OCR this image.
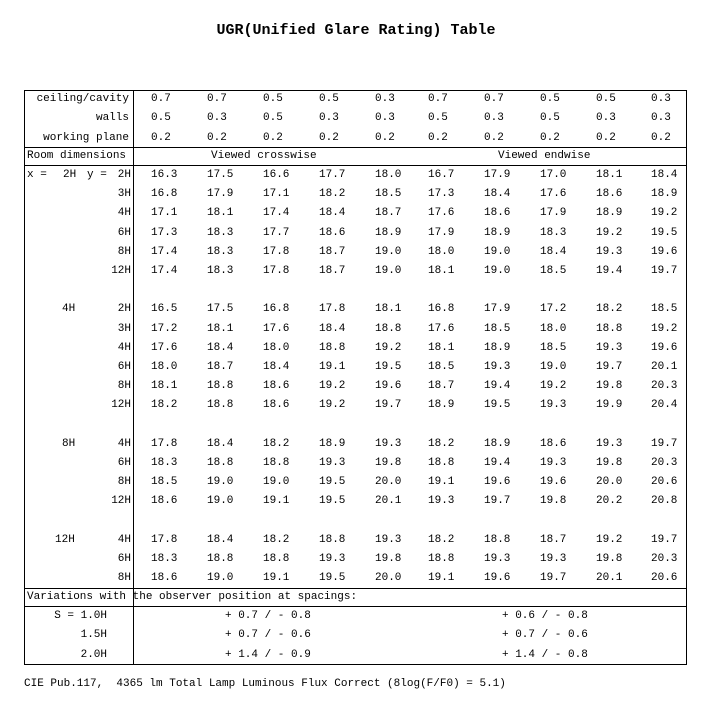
UGR(Unified Glare Rating) Table
Room dimensions	Viewed crosswise	Viewed endwise
Variations with the observer position at spacings:
ceiling/cavity 0.7	0.7	0.5	0.5	0.3	0.7	0.7	0.5	0.5	0.3
walls 0.5	0.3	0.5	0.3	0.3	0.5	0.3	0.5	0.3	0.3
working plane 0.2	0.2	0.2	0.2	0.2	0.2	0.2	0.2	0.2	0.2
x = 2H y = 2H 16.3	17.5	16.6	17.7	18.0 16.7	17.9	17.0	18.1	18.4
3H 16.8	17.9	17.1	18.2	18.5 17.3	18.4	17.6	18.6	18.9
4H 17.1	18.1	17.4	18.4	18.7 17.6	18.6	17.9	18.9	19.2
6H 17.3	18.3	17.7	18.6	18.9 17.9	18.9	18.3	19.2	19.5
8H 17.4	18.3	17.8	18.7	19.0 18.0	19.0	18.4	19.3	19.6
12H 17.4	18.3	17.8	18.7	19.0 18.1	19.0	18.5	19.4	19.7
4H	2H 16.5	17.5	16.8	17.8	18.1 16.8	17.9	17.2	18.2	18.5
3H 17.2	18.1	17.6	18.4	18.8 17.6	18.5	18.0	18.8	19.2
4H 17.6	18.4	18.0	18.8	19.2 18.1	18.9	18.5	19.3	19.6
6H 18.0	18.7	18.4	19.1	19.5 18.5	19.3	19.0	19.7	20.1
8H 18.1	18.8	18.6	19.2	19.6 18.7	19.4	19.2	19.8	20.3
12H 18.2	18.8	18.6	19.2	19.7 18.9	19.5	19.3	19.9	20.4
8H	4H 17.8	18.4	18.2	18.9	19.3 18.2	18.9	18.6	19.3	19.7
6H 18.3	18.8	18.8	19.3	19.8 18.8	19.4	19.3	19.8	20.3
8H 18.5	19.0	19.0	19.5	20.0 19.1	19.6	19.6	20.0	20.6
12H 18.6	19.0	19.1	19.5	20.1 19.3	19.7	19.8	20.2	20.8
12H	4H 17.8	18.4	18.2	18.8	19.3 18.2	18.8	18.7	19.2	19.7
6H 18.3	18.8	18.8	19.3	19.8 18.8	19.3	19.3	19.8	20.3
8H 18.6	19.0	19.1	19.5	20.0 19.1	19.6	19.7	20.1	20.6
S = 1.0H	+ 0.7 / - 0.8	+ 0.6 / - 0.8
1.5H	+ 0.7 / - 0.6	+ 0.7 / - 0.6
2.0H	+ 1.4 / - 0.9	+ 1.4 / - 0.8
CIE Pub.117,  4365 lm Total Lamp Luminous Flux Correct (8log(F/F0) = 5.1)
